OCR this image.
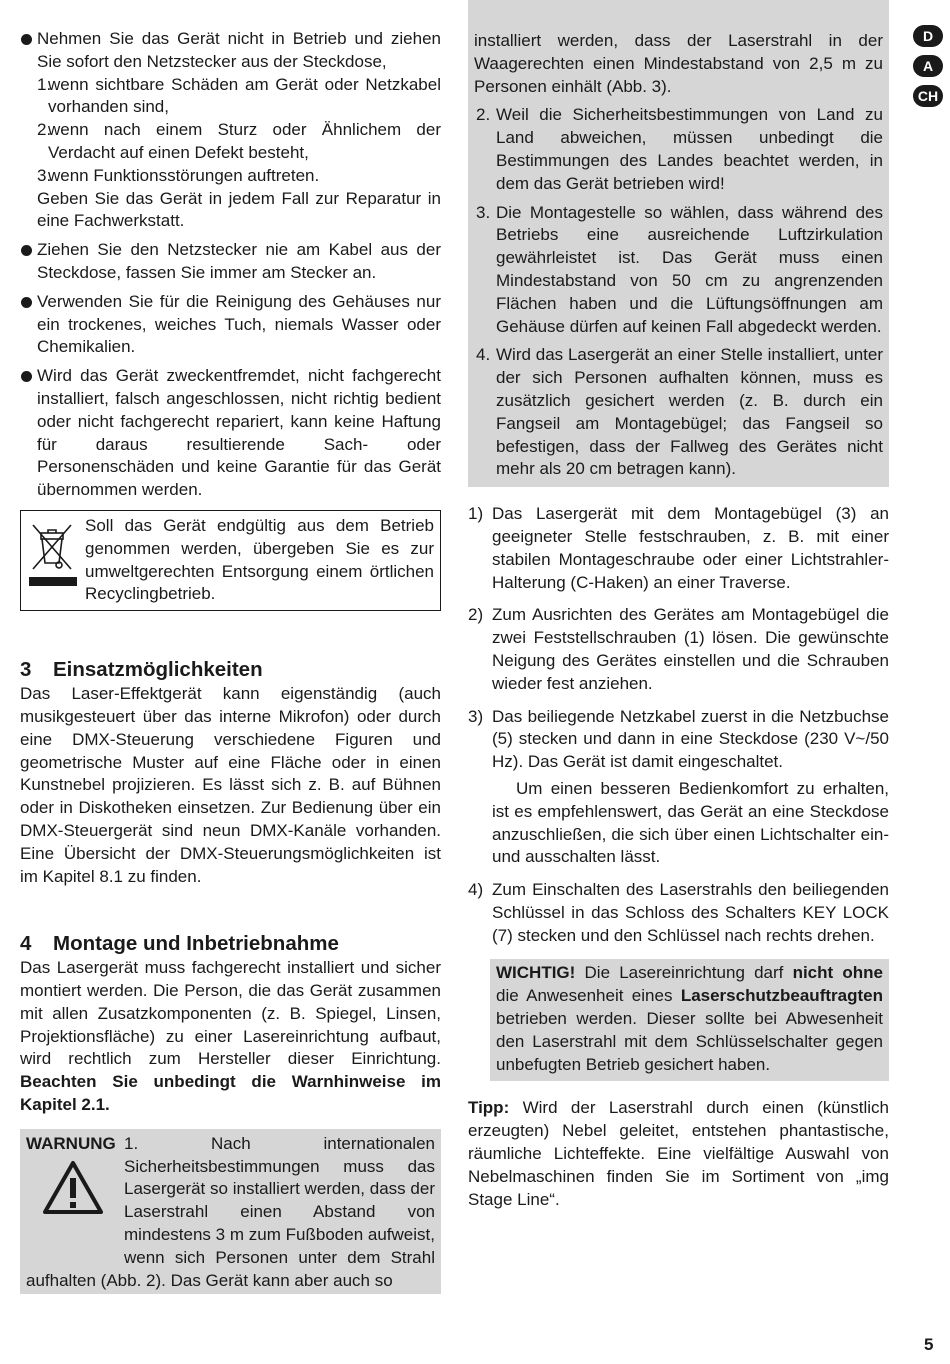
Nehmen Sie das Gerät nicht in Betrieb und ziehen Sie sofort den Netzstecker aus der Steckdose,

1.
wenn sichtbare Schäden am Gerät oder Netzkabel vorhanden sind,
2.
wenn nach einem Sturz oder Ähnlichem der Verdacht auf einen Defekt besteht,
3.
wenn Funktionsstörungen auftreten.

Geben Sie das Gerät in jedem Fall zur Reparatur in eine Fachwerkstatt.

Ziehen Sie den Netzstecker nie am Kabel aus der Steckdose, fassen Sie immer am Stecker an.

Verwenden Sie für die Reinigung des Gehäuses nur ein trockenes, weiches Tuch, niemals Wasser oder Chemikalien.

Wird das Gerät zweckentfremdet, nicht fachgerecht installiert, falsch angeschlossen, nicht richtig bedient oder nicht fachgerecht repariert, kann keine Haftung für daraus resultierende Sach- oder Personenschäden und keine Garantie für das Gerät übernommen werden.

Soll das Gerät endgültig aus dem Betrieb genommen werden, übergeben Sie es zur umweltgerechten Entsorgung einem örtlichen Recyclingbetrieb.

3 Einsatzmöglichkeiten

Das Laser-Effektgerät kann eigenständig (auch musikgesteuert über das interne Mikrofon) oder durch eine DMX-Steuerung verschiedene Figuren und geometrische Muster auf eine Fläche oder in einen Kunstnebel projizieren. Es lässt sich z. B. auf Bühnen oder in Diskotheken einsetzen. Zur Bedienung über ein DMX-Steuergerät sind neun DMX-Kanäle vorhanden. Eine Übersicht der DMX-Steuerungsmöglichkeiten ist im Kapitel 8.1 zu finden.

4 Montage und Inbetriebnahme

Das Lasergerät muss fachgerecht installiert und sicher montiert werden. Die Person, die das Gerät zusammen mit allen Zusatzkomponenten (z. B. Spiegel, Linsen, Projektionsfläche) zu einer Lasereinrichtung aufbaut, wird rechtlich zum Hersteller dieser Einrichtung. Beachten Sie unbedingt die Warnhinweise im Kapitel 2.1.

WARNUNG 1.	Nach internationalen Sicherheitsbestimmungen muss das Lasergerät so installiert werden, dass der Laserstrahl einen Abstand von mindestens 3 m zum Fußboden aufweist, wenn sich Personen unter dem Strahl aufhalten (Abb. 2). Das Gerät kann aber auch so

installiert werden, dass der Laserstrahl in der Waagerechten einen Mindestabstand von 2,5 m zu Personen einhält (Abb. 3).

2. Weil die Sicherheitsbestimmungen von Land zu Land abweichen, müssen unbedingt die Bestimmungen des Landes beachtet werden, in dem das Gerät betrieben wird!
3. Die Montagestelle so wählen, dass während des Betriebs eine ausreichende Luftzirkulation gewährleistet ist. Das Gerät muss einen Mindestabstand von 50 cm zu angrenzenden Flächen haben und die Lüftungsöffnungen am Gehäuse dürfen auf keinen Fall abgedeckt werden.
4. Wird das Lasergerät an einer Stelle installiert, unter der sich Personen aufhalten können, muss es zusätzlich gesichert werden (z. B. durch ein Fangseil am Montagebügel; das Fangseil so befestigen, dass der Fallweg des Gerätes nicht mehr als 20 cm betragen kann).
1) Das Lasergerät mit dem Montagebügel (3) an geeigneter Stelle festschrauben, z. B. mit einer stabilen Montageschraube oder einer Lichtstrahler-Halterung (C-Haken) an einer Traverse.
2) Zum Ausrichten des Gerätes am Montagebügel die zwei Feststellschrauben (1) lösen. Die gewünschte Neigung des Gerätes einstellen und die Schrauben wieder fest anziehen.
3) Das beiliegende Netzkabel zuerst in die Netzbuchse (5) stecken und dann in eine Steckdose (230 V~/50 Hz). Das Gerät ist damit eingeschaltet.

Um einen besseren Bedienkomfort zu erhalten, ist es empfehlenswert, das Gerät an eine Steckdose anzuschließen, die sich über einen Lichtschalter ein- und ausschalten lässt.

4) Zum Einschalten des Laserstrahls den beiliegenden Schlüssel in das Schloss des Schalters KEY LOCK (7) stecken und den Schlüssel nach rechts drehen.
WICHTIG! Die Lasereinrichtung darf nicht ohne die Anwesenheit eines Laserschutzbeauftragten betrieben werden. Dieser sollte bei Abwesenheit den Laserstrahl mit dem Schlüsselschalter gegen unbefugten Betrieb gesichert haben.

Tipp: Wird der Laserstrahl durch einen (künstlich erzeugten) Nebel geleitet, entstehen phantastische, räumliche Lichteffekte. Eine vielfältige Auswahl von Nebelmaschinen finden Sie im Sortiment von „img Stage Line“.

D
A
CH
5
